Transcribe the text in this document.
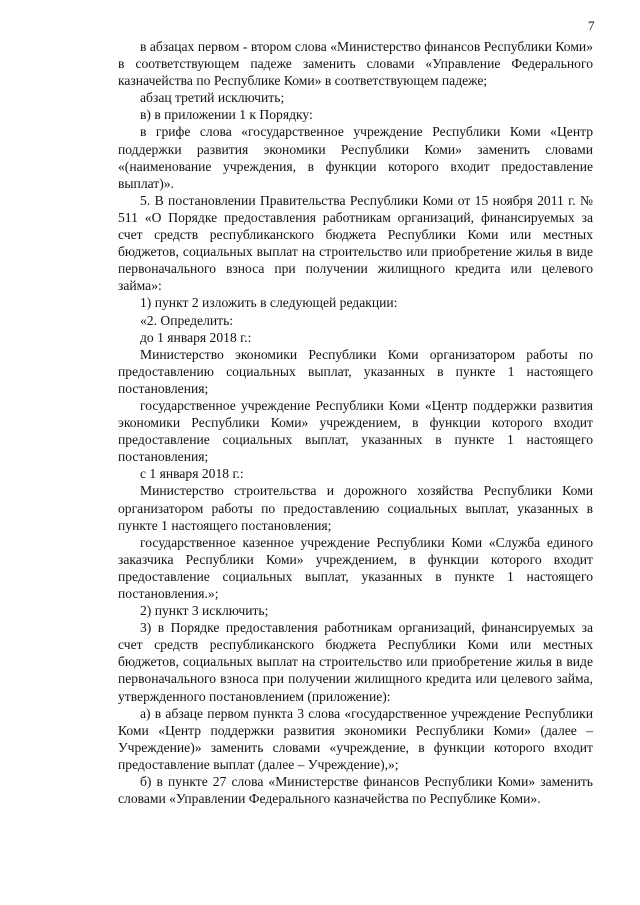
7

в абзацах первом - втором слова «Министерство финансов Республики Коми» в соответствующем падеже заменить словами «Управление Федерального казначейства по Республике Коми» в соответствующем падеже;

абзац третий исключить;

в) в приложении 1 к Порядку:

в грифе слова «государственное учреждение Республики Коми «Центр поддержки развития экономики Республики Коми» заменить словами «(наименование учреждения, в функции которого входит предоставление выплат)».

5. В постановлении Правительства Республики Коми от 15 ноября 2011 г. № 511 «О Порядке предоставления работникам организаций, финансируемых за счет средств республиканского бюджета Республики Коми или местных бюджетов, социальных выплат на строительство или приобретение жилья в виде первоначального взноса при получении жилищного кредита или целевого займа»:

1) пункт 2 изложить в следующей редакции:

«2. Определить:

до 1 января 2018 г.:

Министерство экономики Республики Коми организатором работы по предоставлению социальных выплат, указанных в пункте 1 настоящего постановления;

государственное учреждение Республики Коми «Центр поддержки развития экономики Республики Коми» учреждением, в функции которого входит предоставление социальных выплат, указанных в пункте 1 настоящего постановления;

с 1 января 2018 г.:

Министерство строительства и дорожного хозяйства Республики Коми организатором работы по предоставлению социальных выплат, указанных в пункте 1 настоящего постановления;

государственное казенное учреждение Республики Коми «Служба единого заказчика Республики Коми» учреждением, в функции которого входит предоставление социальных выплат, указанных в пункте 1 настоящего постановления.»;

2) пункт 3 исключить;

3) в Порядке предоставления работникам организаций, финансируемых за счет средств республиканского бюджета Республики Коми или местных бюджетов, социальных выплат на строительство или приобретение жилья в виде первоначального взноса при получении жилищного кредита или целевого займа, утвержденного постановлением (приложение):

а) в абзаце первом пункта 3 слова «государственное учреждение Республики Коми «Центр поддержки развития экономики Республики Коми» (далее – Учреждение)» заменить словами «учреждение, в функции которого входит предоставление выплат (далее – Учреждение),»;

б) в пункте 27 слова «Министерстве финансов Республики Коми» заменить словами «Управлении Федерального казначейства по Республике Коми».
